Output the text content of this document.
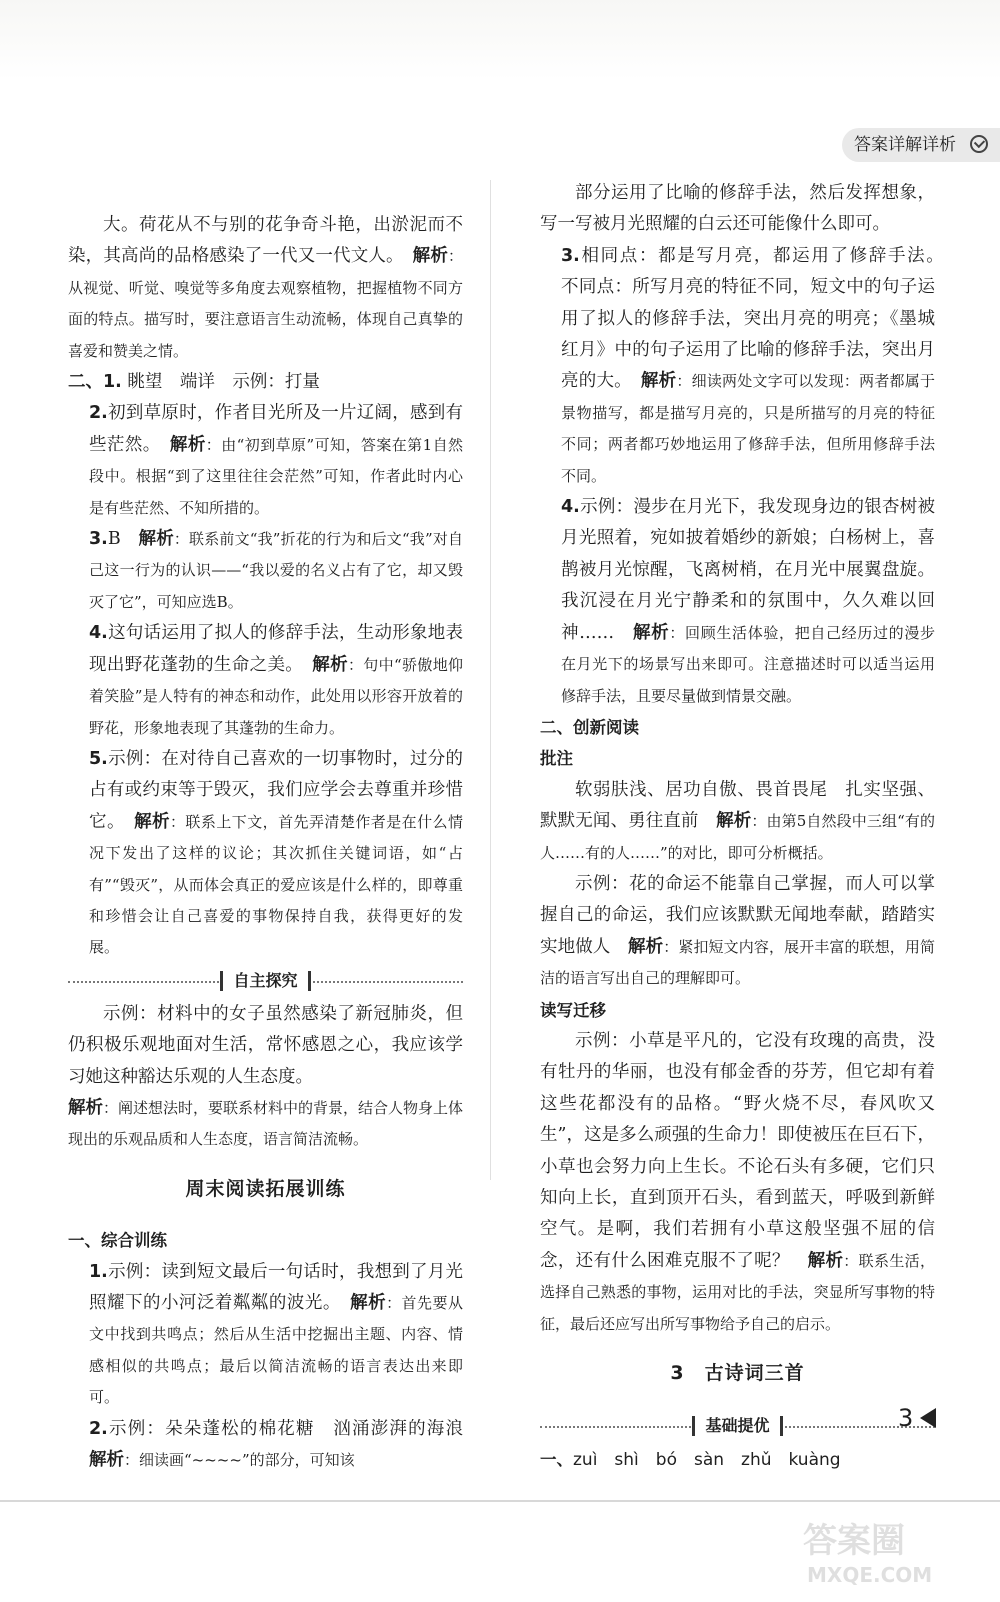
答案详解详析

大。荷花从不与别的花争奇斗艳，出淤泥而不染，其高尚的品格感染了一代又一代文人。　 解析：从视觉、听觉、嗅觉等多角度去观察植物，把握植物不同方面的特点。描写时，要注意语言生动流畅，体现自己真挚的喜爱和赞美之情。

二、1. 眺望　端详　示例：打量

2.初到草原时，作者目光所及一片辽阔，感到有些茫然。　 解析：由“初到草原”可知，答案在第1自然段中。根据“到了这里往往会茫然”可知，作者此时内心是有些茫然、不知所措的。

3.B　 解析：联系前文“我”折花的行为和后文“我”对自己这一行为的认识——“我以爱的名义占有了它，却又毁灭了它”，可知应选B。

4.这句话运用了拟人的修辞手法，生动形象地表现出野花蓬勃的生命之美。　 解析：句中“骄傲地仰着笑脸”是人特有的神态和动作，此处用以形容开放着的野花，形象地表现了其蓬勃的生命力。

5.示例：在对待自己喜欢的一切事物时，过分的占有或约束等于毁灭，我们应学会去尊重并珍惜它。　 解析：联系上下文，首先弄清楚作者是在什么情况下发出了这样的议论；其次抓住关键词语，如“占有”“毁灭”，从而体会真正的爱应该是什么样的，即尊重和珍惜会让自己喜爱的事物保持自我，获得更好的发展。

自主探究

示例：材料中的女子虽然感染了新冠肺炎，但仍积极乐观地面对生活，常怀感恩之心，我应该学习她这种豁达乐观的人生态度。

解析：阐述想法时，要联系材料中的背景，结合人物身上体现出的乐观品质和人生态度，语言简洁流畅。

周末阅读拓展训练

一、综合训练

1.示例：读到短文最后一句话时，我想到了月光照耀下的小河泛着粼粼的波光。　 解析：首先要从文中找到共鸣点；然后从生活中挖掘出主题、内容、情感相似的共鸣点；最后以简洁流畅的语言表达出来即可。

2.示例：朵朵蓬松的棉花糖　汹涌澎湃的海浪　解析：细读画“~~~~”的部分，可知该

部分运用了比喻的修辞手法，然后发挥想象，写一写被月光照耀的白云还可能像什么即可。

3.相同点：都是写月亮，都运用了修辞手法。　不同点：所写月亮的特征不同，短文中的句子运用了拟人的修辞手法，突出月亮的明亮；《墨城红月》中的句子运用了比喻的修辞手法，突出月亮的大。　 解析：细读两处文字可以发现：两者都属于景物描写，都是描写月亮的，只是所描写的月亮的特征不同；两者都巧妙地运用了修辞手法，但所用修辞手法不同。

4.示例：漫步在月光下，我发现身边的银杏树被月光照着，宛如披着婚纱的新娘；白杨树上，喜鹊被月光惊醒，飞离树梢，在月光中展翼盘旋。我沉浸在月光宁静柔和的氛围中，久久难以回神……　 解析：回顾生活体验，把自己经历过的漫步在月光下的场景写出来即可。注意描述时可以适当运用修辞手法，且要尽量做到情景交融。

二、创新阅读

批注

软弱肤浅、居功自傲、畏首畏尾　扎实坚强、默默无闻、勇往直前　 解析：由第5自然段中三组“有的人……有的人……”的对比，即可分析概括。

示例：花的命运不能靠自己掌握，而人可以掌握自己的命运，我们应该默默无闻地奉献，踏踏实实地做人　 解析：紧扣短文内容，展开丰富的联想，用简洁的语言写出自己的理解即可。

读写迁移

示例：小草是平凡的，它没有玫瑰的高贵，没有牡丹的华丽，也没有郁金香的芬芳，但它却有着这些花都没有的品格。“野火烧不尽，春风吹又生”，这是多么顽强的生命力！即使被压在巨石下，小草也会努力向上生长。不论石头有多硬，它们只知向上长，直到顶开石头，看到蓝天，呼吸到新鲜空气。是啊，我们若拥有小草这般坚强不屈的信念，还有什么困难克服不了呢？　 解析：联系生活，选择自己熟悉的事物，运用对比的手法，突显所写事物的特征，最后还应写出所写事物给予自己的启示。

3　古诗词三首
基础提优

一、zuì　shì　bó　sàn　zhǔ　kuàng

3
答案圈
MXQE.COM
